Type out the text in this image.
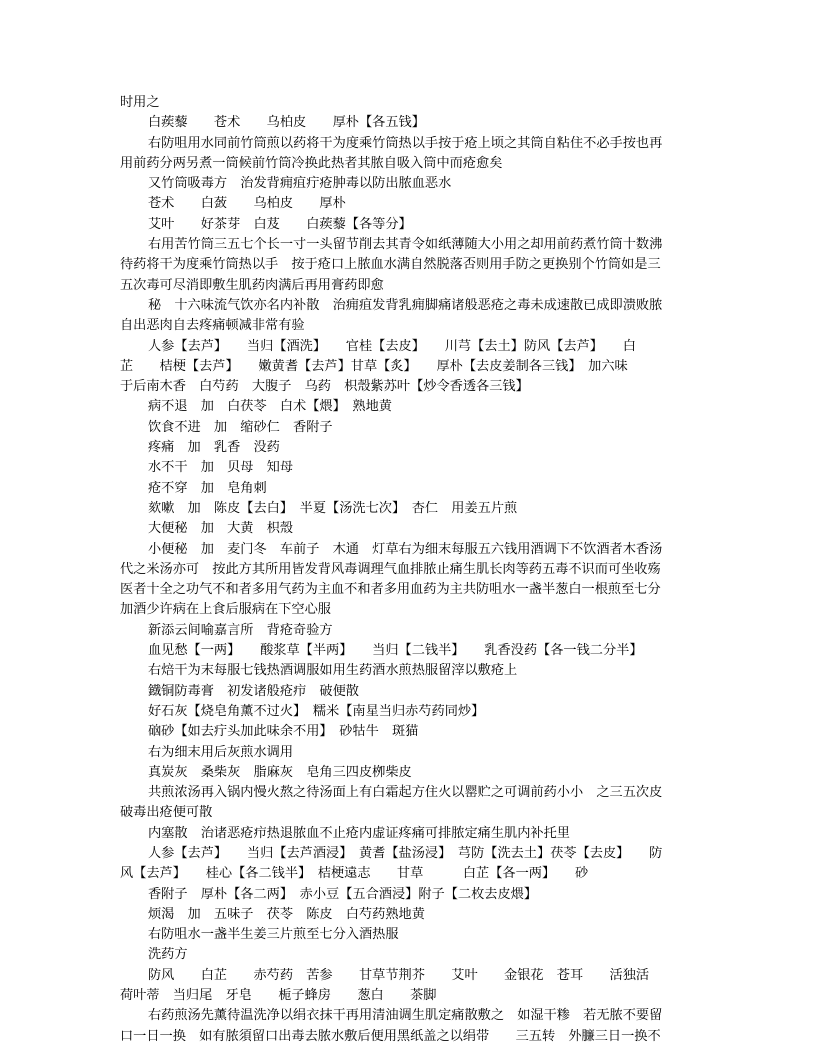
时用之
白蒺藜　　苍术　　乌柏皮　　厚朴【各五钱】
右防咀用水同前竹筒煎以药将干为度乘竹筒热以手按于疮上顷之其筒自粘住不必手按也再
用前药分两另煮一筒候前竹筒冷换此热者其脓自吸入筒中而疮愈矣
又竹筒吸毒方　治发背痈疽疔疮肿毒以防出脓血恶水
苍术　　白蔹　　乌柏皮　　厚朴
艾叶　　好茶芽　白芨　　白蒺藜【各等分】
右用苦竹筒三五七个长一寸一头留节削去其青令如纸薄随大小用之却用前药煮竹筒十数沸
待药将干为度乘竹筒热以手　按于疮口上脓血水满自然脱落否则用手防之更换别个竹筒如是三
五次毒可尽消即敷生肌药肉满后再用膏药即愈
秘　十六味流气饮亦名内补散　治痈疽发背乳痈脚痛诸般恶疮之毒未成速散已成即溃败脓
自出恶肉自去疼痛顿减非常有验
人参【去芦】　　当归【酒洗】　　官桂【去皮】　　川芎【去土】防风【去芦】　　白
芷　　桔梗【去芦】　　嫩黄耆【去芦】甘草【炙】　　厚朴【去皮姜制各三钱】　加六味
于后南木香　白芍药　大腹子　乌药　枳殼紫苏叶【炒令香透各三钱】
病不退　加　白茯苓　白术【煨】　熟地黄
饮食不进　加　缩砂仁　香附子
疼痛　加　乳香　没药
水不干　加　贝母　知母
疮不穿　加　皂角刺
欬嗽　加　陈皮【去白】　半夏【汤洗七次】　杏仁　用姜五片煎
大便秘　加　大黄　枳殼
小便秘　加　麦门冬　车前子　木通　灯草右为细末每服五六钱用酒调下不饮酒者木香汤
代之米汤亦可　按此方其所用皆发背风毒调理气血排脓止痛生肌长肉等药五毒不识而可坐收殇
医者十全之功气不和者多用气药为主血不和者多用血药为主共防咀水一盏半葱白一根煎至七分
加酒少许病在上食后服病在下空心服
新添云间喻嘉言所　背疮奇验方
血见愁【一两】　　酸浆草【半两】　　当归【二钱半】　　乳香没药【各一钱二分半】
右焙干为末每服七钱热酒调服如用生药酒水煎热服留滓以敷疮上
鐡铜防毒膏　初发诸般疮疖　破便散
好石灰【烧皂角薰不过火】　糯米【南星当归赤芍药同炒】
硇砂【如去疔头加此味余不用】　砂牯牛　斑猫
右为细末用后灰煎水调用
真炭灰　桑柴灰　脂麻灰　皂角三四皮栁柴皮
共煎浓汤再入锅内慢火熬之待汤面上有白霜起方住火以罂贮之可调前药小小　之三五次皮
破毒出疮便可散
内塞散　治诸恶疮疖热退脓血不止疮内虚证疼痛可排脓定痛生肌内补托里
人参【去芦】　　当归【去芦酒浸】　黄耆【盐汤浸】　芎防【洗去土】茯苓【去皮】　　防
风【去芦】　　桂心【各二钱半】　桔梗遠志　　甘草　　　白芷【各一两】　　砂
香附子　厚朴【各二两】　赤小豆【五合酒浸】附子【二枚去皮煨】
烦渴　加　五味子　茯苓　陈皮　白芍药熟地黄
右防咀水一盏半生姜三片煎至七分入酒热服
洗药方
防风　　白芷　　赤芍药　苦参　　甘草节荆芥　　艾叶　　金银花　苍耳　　活独活
荷叶蒂　当归尾　牙皂　　栀子蜂房　　葱白　　茶脚
右药煎汤先薰待温洗净以绢衣抹干再用清油调生肌定痛散敷之　如湿干糁　若无脓不要留
口一日一换　如有脓須留口出毒去脓水敷后便用黑纸盖之以绢带　　三五转　外臁三日一换不
